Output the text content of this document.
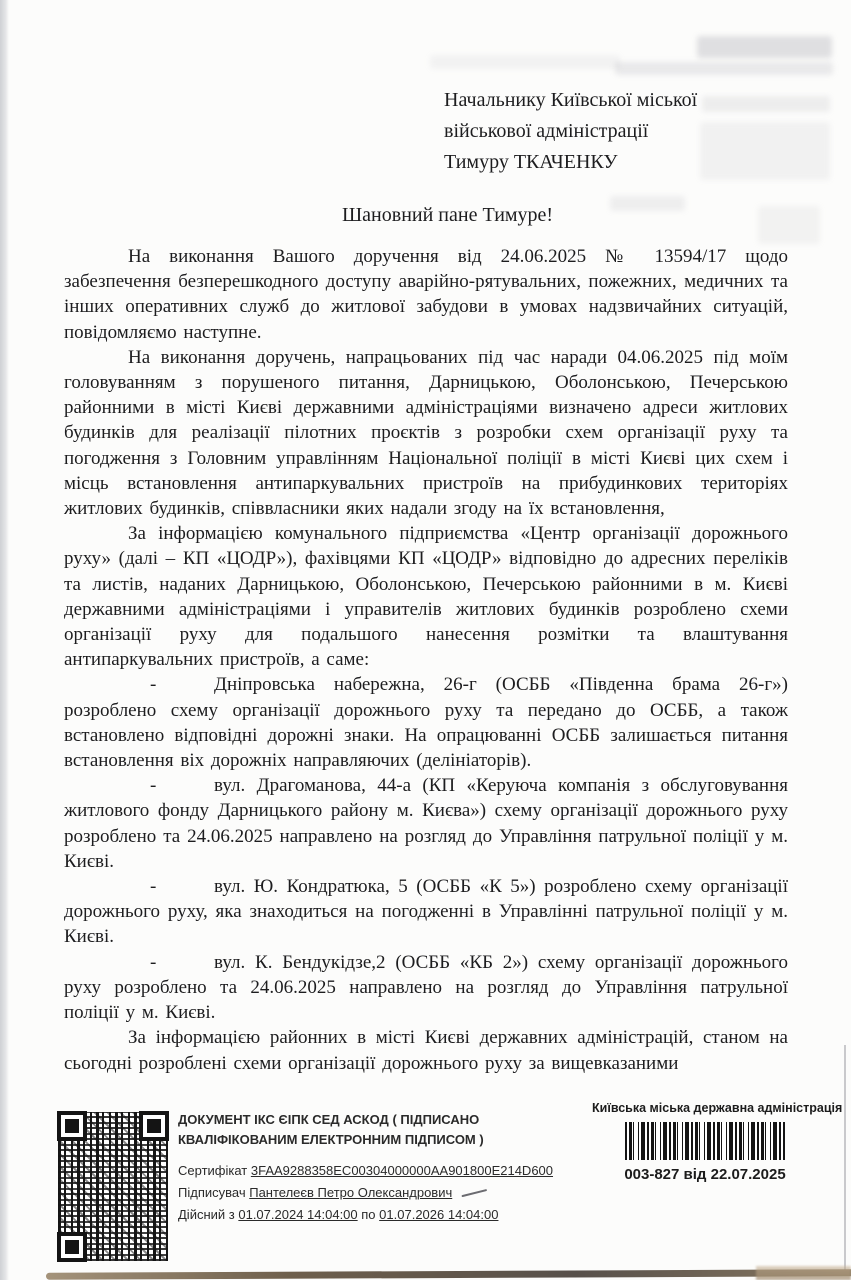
Начальнику Київської міської
військової адміністрації
Тимуру ТКАЧЕНКУ
Шановний пане Тимуре!

На виконання Вашого доручення від 24.06.2025 № 13594/17 щодо забезпечення безперешкодного доступу аварійно-рятувальних, пожежних, медичних та інших оперативних служб до житлової забудови в умовах надзвичайних ситуацій, повідомляємо наступне.

На виконання доручень, напрацьованих під час наради 04.06.2025 під моїм головуванням з порушеного питання, Дарницькою, Оболонською, Печерською районними в місті Києві державними адміністраціями визначено адреси житлових будинків для реалізації пілотних проєктів з розробки схем організації руху та погодження з Головним управлінням Національної поліції в місті Києві цих схем і місць встановлення антипаркувальних пристроїв на прибудинкових територіях житлових будинків, співвласники яких надали згоду на їх встановлення,

За інформацією комунального підприємства «Центр організації дорожнього руху» (далі – КП «ЦОДР»), фахівцями КП «ЦОДР» відповідно до адресних переліків та листів, наданих Дарницькою, Оболонською, Печерською районними в м. Києві державними адміністраціями і управителів житлових будинків розроблено схеми організації руху для подальшого нанесення розмітки та влаштування антипаркувальних пристроїв, а саме:

-	Дніпровська набережна, 26-г (ОСББ «Південна брама 26-г») розроблено схему організації дорожнього руху та передано до ОСББ, а також встановлено відповідні дорожні знаки. На опрацюванні ОСББ залишається питання встановлення віх дорожніх направляючих (делініаторів).

-	вул. Драгоманова, 44-а (КП «Керуюча компанія з обслуговування житлового фонду Дарницького району м. Києва») схему організації дорожнього руху розроблено та 24.06.2025 направлено на розгляд до Управління патрульної поліції у м. Києві.

-	вул. Ю. Кондратюка, 5 (ОСББ «К 5») розроблено схему організації дорожнього руху, яка знаходиться на погодженні в Управлінні патрульної поліції у м. Києві.

-	вул. К. Бендукідзе,2 (ОСББ «КБ 2») схему організації дорожнього руху розроблено та 24.06.2025 направлено на розгляд до Управління патрульної поліції у м. Києві.

За інформацією районних в місті Києві державних адміністрацій, станом на сьогодні розроблені схеми організації дорожнього руху за вищевказаними

ДОКУМЕНТ ІКС ЄІПК СЕД АСКОД ( ПІДПИСАНО КВАЛІФІКОВАНИМ ЕЛЕКТРОННИМ ПІДПИСОМ )
Сертифікат 3FAA9288358EC00304000000AA901800E214D600
Підписувач Пантелеєв Петро Олександрович
Дійсний з 01.07.2024 14:04:00 по 01.07.2026 14:04:00
Київська міська державна адміністрація
003-827 від 22.07.2025
